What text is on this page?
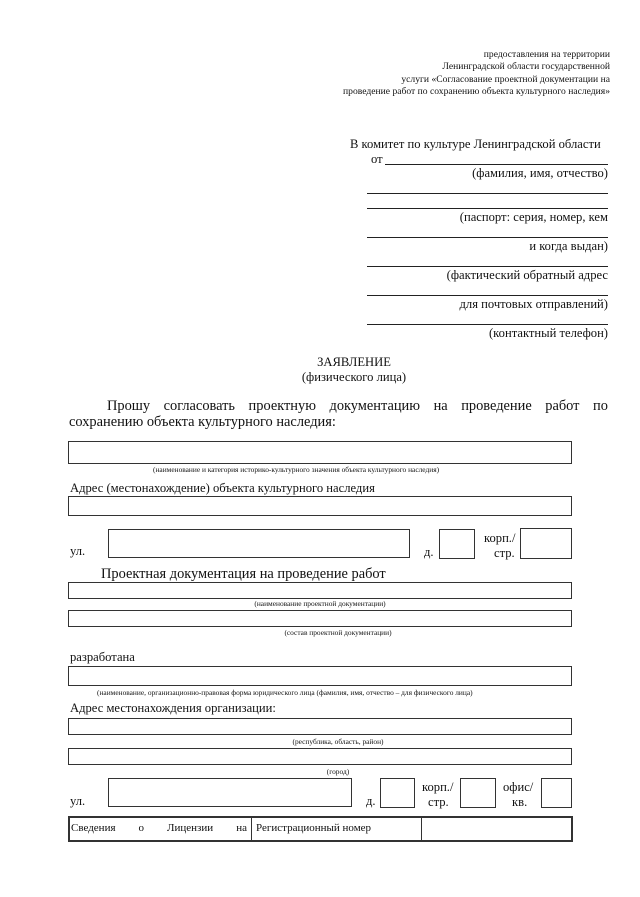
предоставления на территории
Ленинградской области государственной
услуги «Согласование проектной документации на
проведение работ по сохранению объекта культурного наследия»
В комитет по культуре Ленинградской области
от
(фамилия, имя, отчество)
(паспорт: серия, номер, кем
и когда выдан)
(фактический обратный адрес
для почтовых отправлений)
(контактный телефон)
ЗАЯВЛЕНИЕ
(физического лица)
Прошу согласовать проектную документацию на проведение работ по
сохранению объекта культурного наследия:
(наименование и категория историко-культурного значения объекта культурного наследия)
Адрес (местонахождение) объекта культурного наследия
ул.	д.
корп./
стр.
Проектная документация на проведение работ
(наименование проектной документации)
(состав проектной документации)
разработана
(наименование, организационно-правовая форма юридического лица (фамилия, имя, отчество – для физического лица)
Адрес местонахождения организации:
(республика, область, район)
(город)
ул.	д.
корп./
стр.
офис/
кв.
Сведения о Лицензии на Регистрационный номер
